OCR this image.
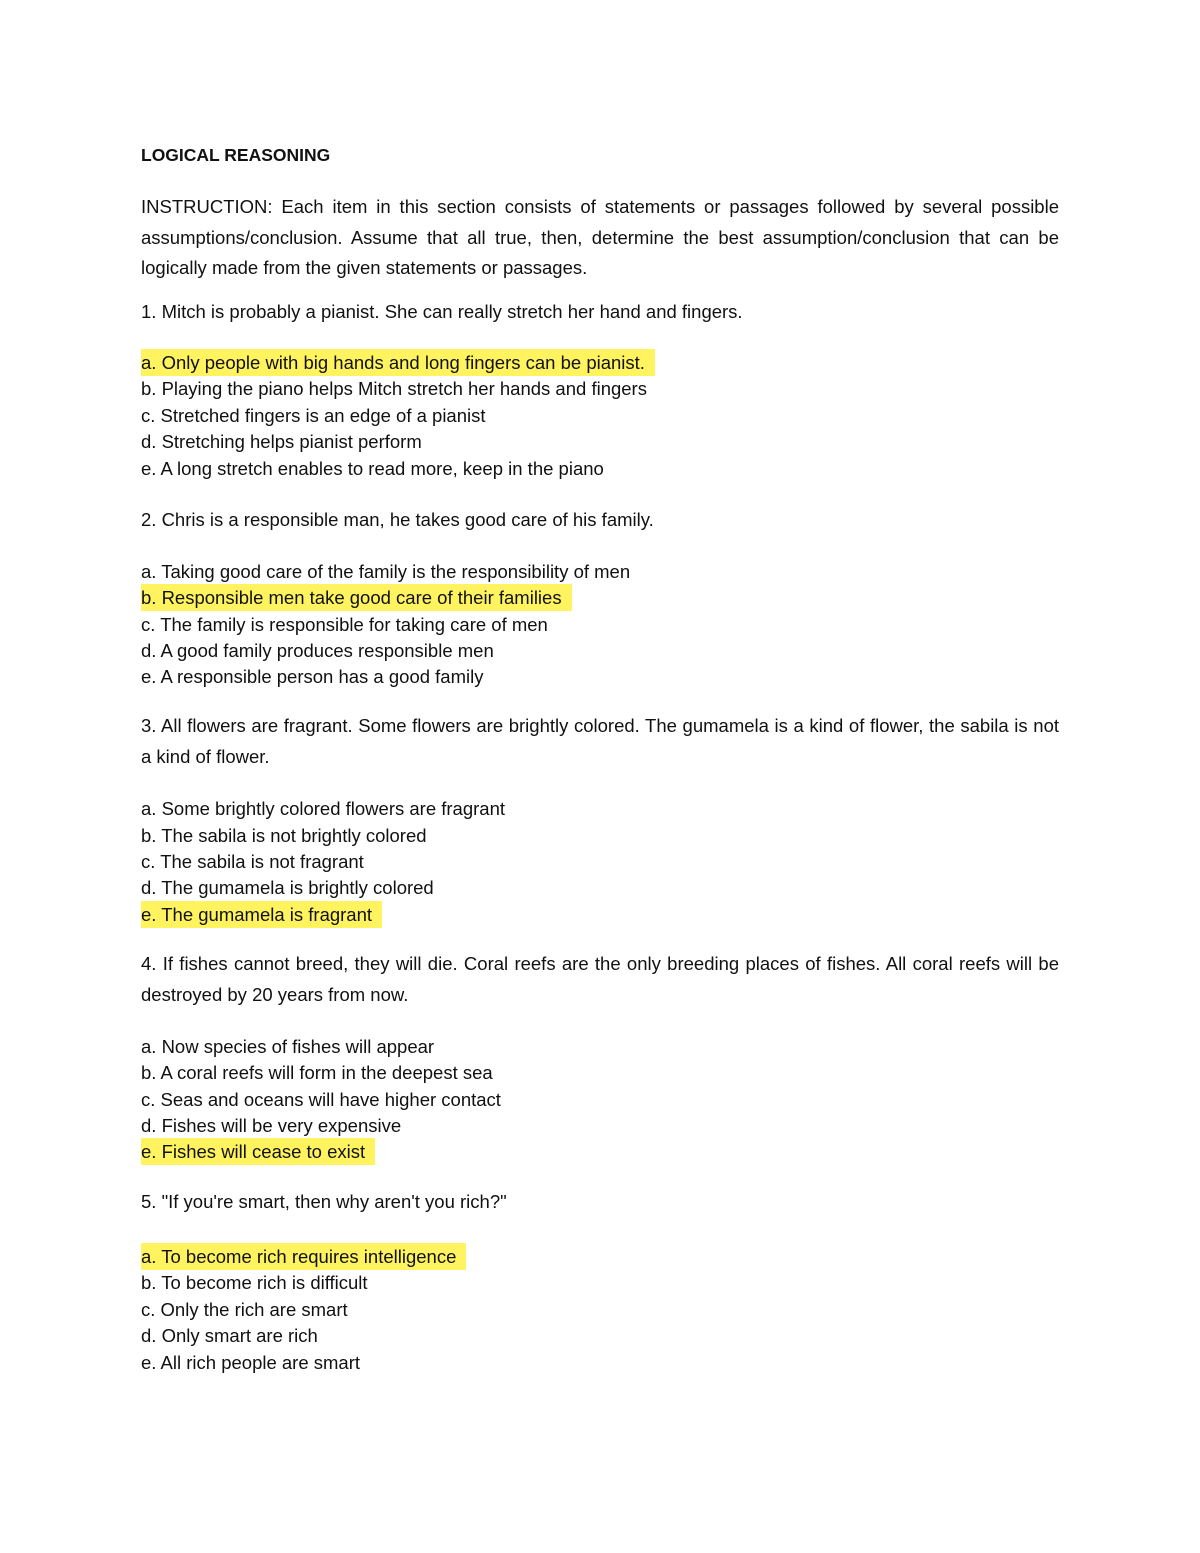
LOGICAL REASONING
INSTRUCTION: Each item in this section consists of statements or passages followed by several possible assumptions/conclusion. Assume that all true, then, determine the best assumption/conclusion that can be logically made from the given statements or passages.
1. Mitch is probably a pianist. She can really stretch her hand and fingers.
a. Only people with big hands and long fingers can be pianist.
b. Playing the piano helps Mitch stretch her hands and fingers
c. Stretched fingers is an edge of a pianist
d. Stretching helps pianist perform
e. A long stretch enables to read more, keep in the piano
2. Chris is a responsible man, he takes good care of his family.
a. Taking good care of the family is the responsibility of men
b. Responsible men take good care of their families
c. The family is responsible for taking care of men
d. A good family produces responsible men
e. A responsible person has a good family
3. All flowers are fragrant. Some flowers are brightly colored. The gumamela is a kind of flower, the sabila is not a kind of flower.
a. Some brightly colored flowers are fragrant
b. The sabila is not brightly colored
c. The sabila is not fragrant
d. The gumamela is brightly colored
e. The gumamela is fragrant
4. If fishes cannot breed, they will die. Coral reefs are the only breeding places of fishes. All coral reefs will be destroyed by 20 years from now.
a. Now species of fishes will appear
b. A coral reefs will form in the deepest sea
c. Seas and oceans will have higher contact
d. Fishes will be very expensive
e. Fishes will cease to exist
5. "If you're smart, then why aren't you rich?"
a. To become rich requires intelligence
b. To become rich is difficult
c. Only the rich are smart
d. Only smart are rich
e. All rich people are smart
